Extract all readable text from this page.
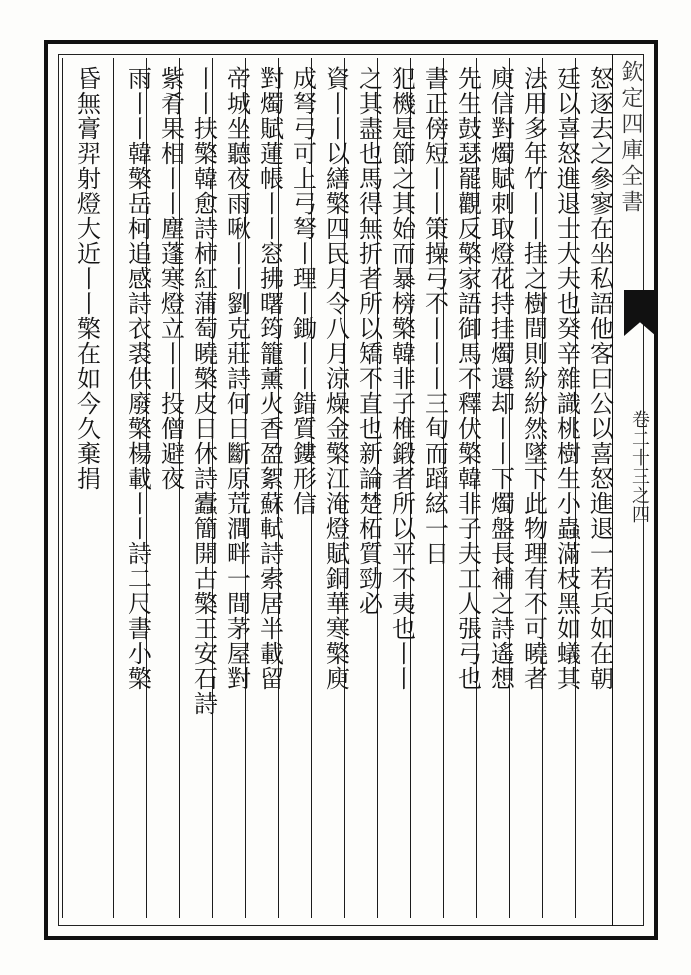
欽定四庫全書
卷二十三之四
怒逐去之參寥在坐私語他客曰公以喜怒進退一若兵如在朝
廷以喜怒進退士大夫也癸辛雜識桃樹生小蟲滿枝黑如蟻其
法用多年竹丨丨挂之樹間則紛紛然墜下此物理有不可曉者
庾信對燭賦刺取燈花持挂燭還却丨丨下燭盤長補之詩遙想
先生鼓瑟罷觀反檠家語御馬不釋伏檠韓非子夫工人張弓也
書正傍短丨丨策操弓不丨丨丨三旬而蹈絃一日
犯機是節之其始而暴榜檠韓非子椎鍛者所以平不夷也丨丨
之其盡也馬得無折者所以矯不直也新論楚柘質勁必
資丨丨以繕檠四民月令八月涼燥金檠江淹燈賦銅華寒檠庾
成弩弓可上弓弩丨理丨鋤丨丨錯質鏤形信
對燭賦蓮帳丨丨窓拂曙筠籠薰火香盈絮蘇軾詩索居半載留
帝城坐聽夜雨啾丨丨劉克莊詩何日斷原荒澗畔一間茅屋對
丨丨扶檠韓愈詩柿紅蒲萄曉檠皮日休詩蠹簡開古檠王安石詩
紫肴果相丨丨塵蓬寒燈立丨丨投僧避夜
雨丨丨韓檠岳柯追感詩衣裘供廢檠楊載丨丨詩二尺書小檠
昏無膏羿射燈大近丨丨檠在如今久棄捐
